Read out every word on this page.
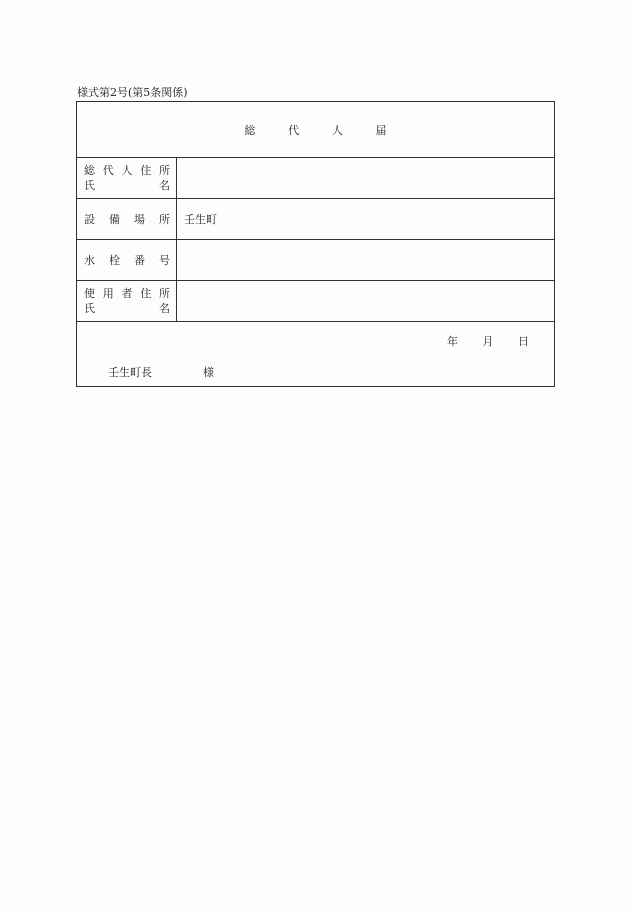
様式第2号(第5条関係)
総	代	人	届
総 代 人 住 所
氏	名
設 備 場 所	壬生町
水 栓 番 号
使 用 者 住 所
氏	名
年 月 日
壬生町長	様
